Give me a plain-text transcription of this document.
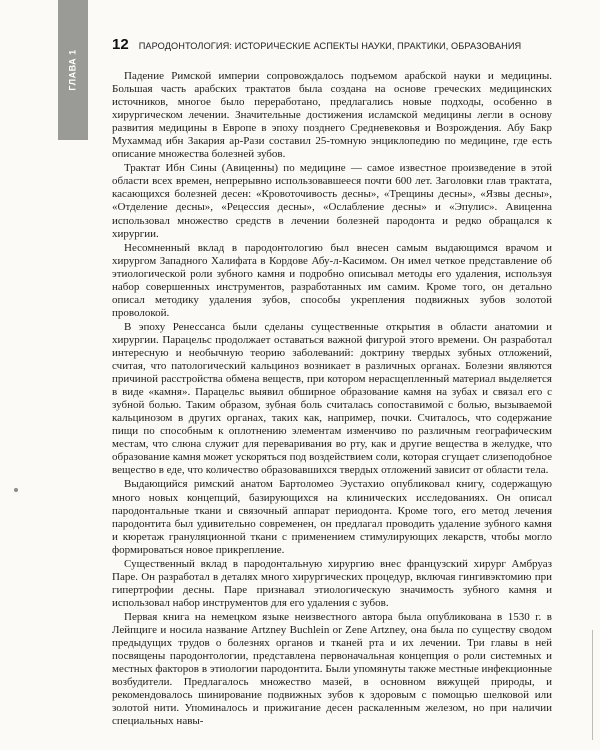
ГЛАВА 1
12 ПАРОДОНТОЛОГИЯ: ИСТОРИЧЕСКИЕ АСПЕКТЫ НАУКИ, ПРАКТИКИ, ОБРАЗОВАНИЯ

Падение Римской империи сопровождалось подъемом арабской науки и медицины. Большая часть арабских трактатов была создана на основе греческих медицинских источников, многое было переработано, предлагались новые подходы, особенно в хирургическом лечении. Значительные достижения исламской медицины легли в основу развития медицины в Европе в эпоху позднего Средневековья и Возрождения. Абу Бакр Мухаммад ибн Закария ар-Рази составил 25-томную энциклопедию по медицине, где есть описание множества болезней зубов.

Трактат Ибн Сины (Авиценны) по медицине — самое известное произведение в этой области всех времен, непрерывно использовавшееся почти 600 лет. Заголовки глав трактата, касающихся болезней десен: «Кровоточивость десны», «Трещины десны», «Язвы десны», «Отделение десны», «Рецессия десны», «Ослабление десны» и «Эпулис». Авиценна использовал множество средств в лечении болезней пародонта и редко обращался к хирургии.

Несомненный вклад в пародонтологию был внесен самым выдающимся врачом и хирургом Западного Халифата в Кордове Абу-л-Касимом. Он имел четкое представление об этиологической роли зубного камня и подробно описывал методы его удаления, используя набор совершенных инструментов, разработанных им самим. Кроме того, он детально описал методику удаления зубов, способы укрепления подвижных зубов золотой проволокой.

В эпоху Ренессанса были сделаны существенные открытия в области анатомии и хирургии. Парацельс продолжает оставаться важной фигурой этого времени. Он разработал интересную и необычную теорию заболеваний: доктрину твердых зубных отложений, считая, что патологический кальциноз возникает в различных органах. Болезни являются причиной расстройства обмена веществ, при котором нерасщепленный материал выделяется в виде «камня». Парацельс выявил обширное образование камня на зубах и связал его с зубной болью. Таким образом, зубная боль считалась сопоставимой с болью, вызываемой кальцинозом в других органах, таких как, например, почки. Считалось, что содержание пищи по способным к оплотнению элементам изменчиво по различным географическим местам, что слюна служит для переваривания во рту, как и другие вещества в желудке, что образование камня может ускоряться под воздействием соли, которая сгущает слизеподобное вещество в еде, что количество образовавшихся твердых отложений зависит от области тела.

Выдающийся римский анатом Бартоломео Эустахио опубликовал книгу, содержащую много новых концепций, базирующихся на клинических исследованиях. Он описал пародонтальные ткани и связочный аппарат периодонта. Кроме того, его метод лечения пародонтита был удивительно современен, он предлагал проводить удаление зубного камня и кюретаж грануляционной ткани с применением стимулирующих лекарств, чтобы могло формироваться новое прикрепление.

Существенный вклад в пародонтальную хирургию внес французский хирург Амбруаз Паре. Он разработал в деталях много хирургических процедур, включая гингивэктомию при гипертрофии десны. Паре признавал этиологическую значимость зубного камня и использовал набор инструментов для его удаления с зубов.

Первая книга на немецком языке неизвестного автора была опубликована в 1530 г. в Лейпциге и носила название Artzney Buchlein or Zene Artzney, она была по существу сводом предыдущих трудов о болезнях органов и тканей рта и их лечении. Три главы в ней посвящены пародонтологии, представлена первоначальная концепция о роли системных и местных факторов в этиологии пародонтита. Были упомянуты также местные инфекционные возбудители. Предлагалось множество мазей, в основном вяжущей природы, и рекомендовалось шинирование подвижных зубов к здоровым с помощью шелковой или золотой нити. Упоминалось и прижигание десен раскаленным железом, но при наличии специальных навы-
